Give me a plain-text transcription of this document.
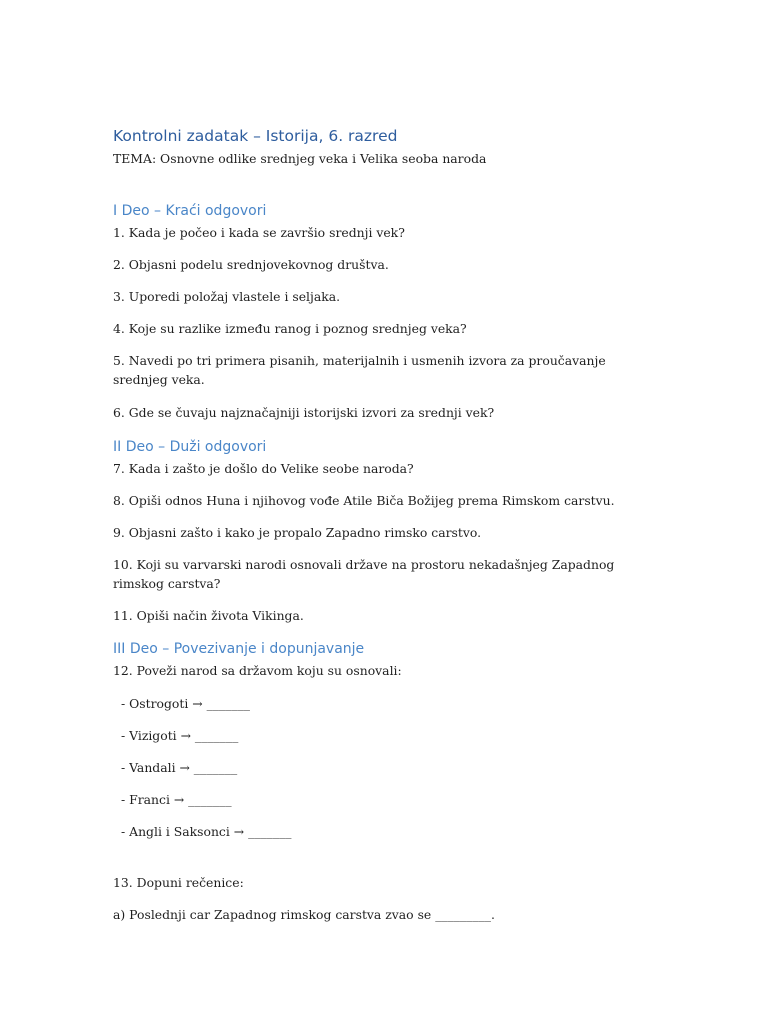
Kontrolni zadatak – Istorija, 6. razred
TEMA: Osnovne odlike srednjeg veka i Velika seoba naroda
I Deo – Kraći odgovori
1. Kada je počeo i kada se završio srednji vek?
2. Objasni podelu srednjovekovnog društva.
3. Uporedi položaj vlastele i seljaka.
4. Koje su razlike između ranog i poznog srednjeg veka?
5. Navedi po tri primera pisanih, materijalnih i usmenih izvora za proučavanje srednjeg veka.
6. Gde se čuvaju najznačajniji istorijski izvori za srednji vek?
II Deo – Duži odgovori
7. Kada i zašto je došlo do Velike seobe naroda?
8. Opiši odnos Huna i njihovog vođe Atile Biča Božijeg prema Rimskom carstvu.
9. Objasni zašto i kako je propalo Zapadno rimsko carstvo.
10. Koji su varvarski narodi osnovali države na prostoru nekadašnjeg Zapadnog rimskog carstva?
11. Opiši način života Vikinga.
III Deo – Povezivanje i dopunjavanje
12. Poveži narod sa državom koju su osnovali:
- Ostrogoti → _______
- Vizigoti → _______
- Vandali → _______
- Franci → _______
- Angli i Saksonci → _______
13. Dopuni rečenice:
a) Poslednji car Zapadnog rimskog carstva zvao se _________.
